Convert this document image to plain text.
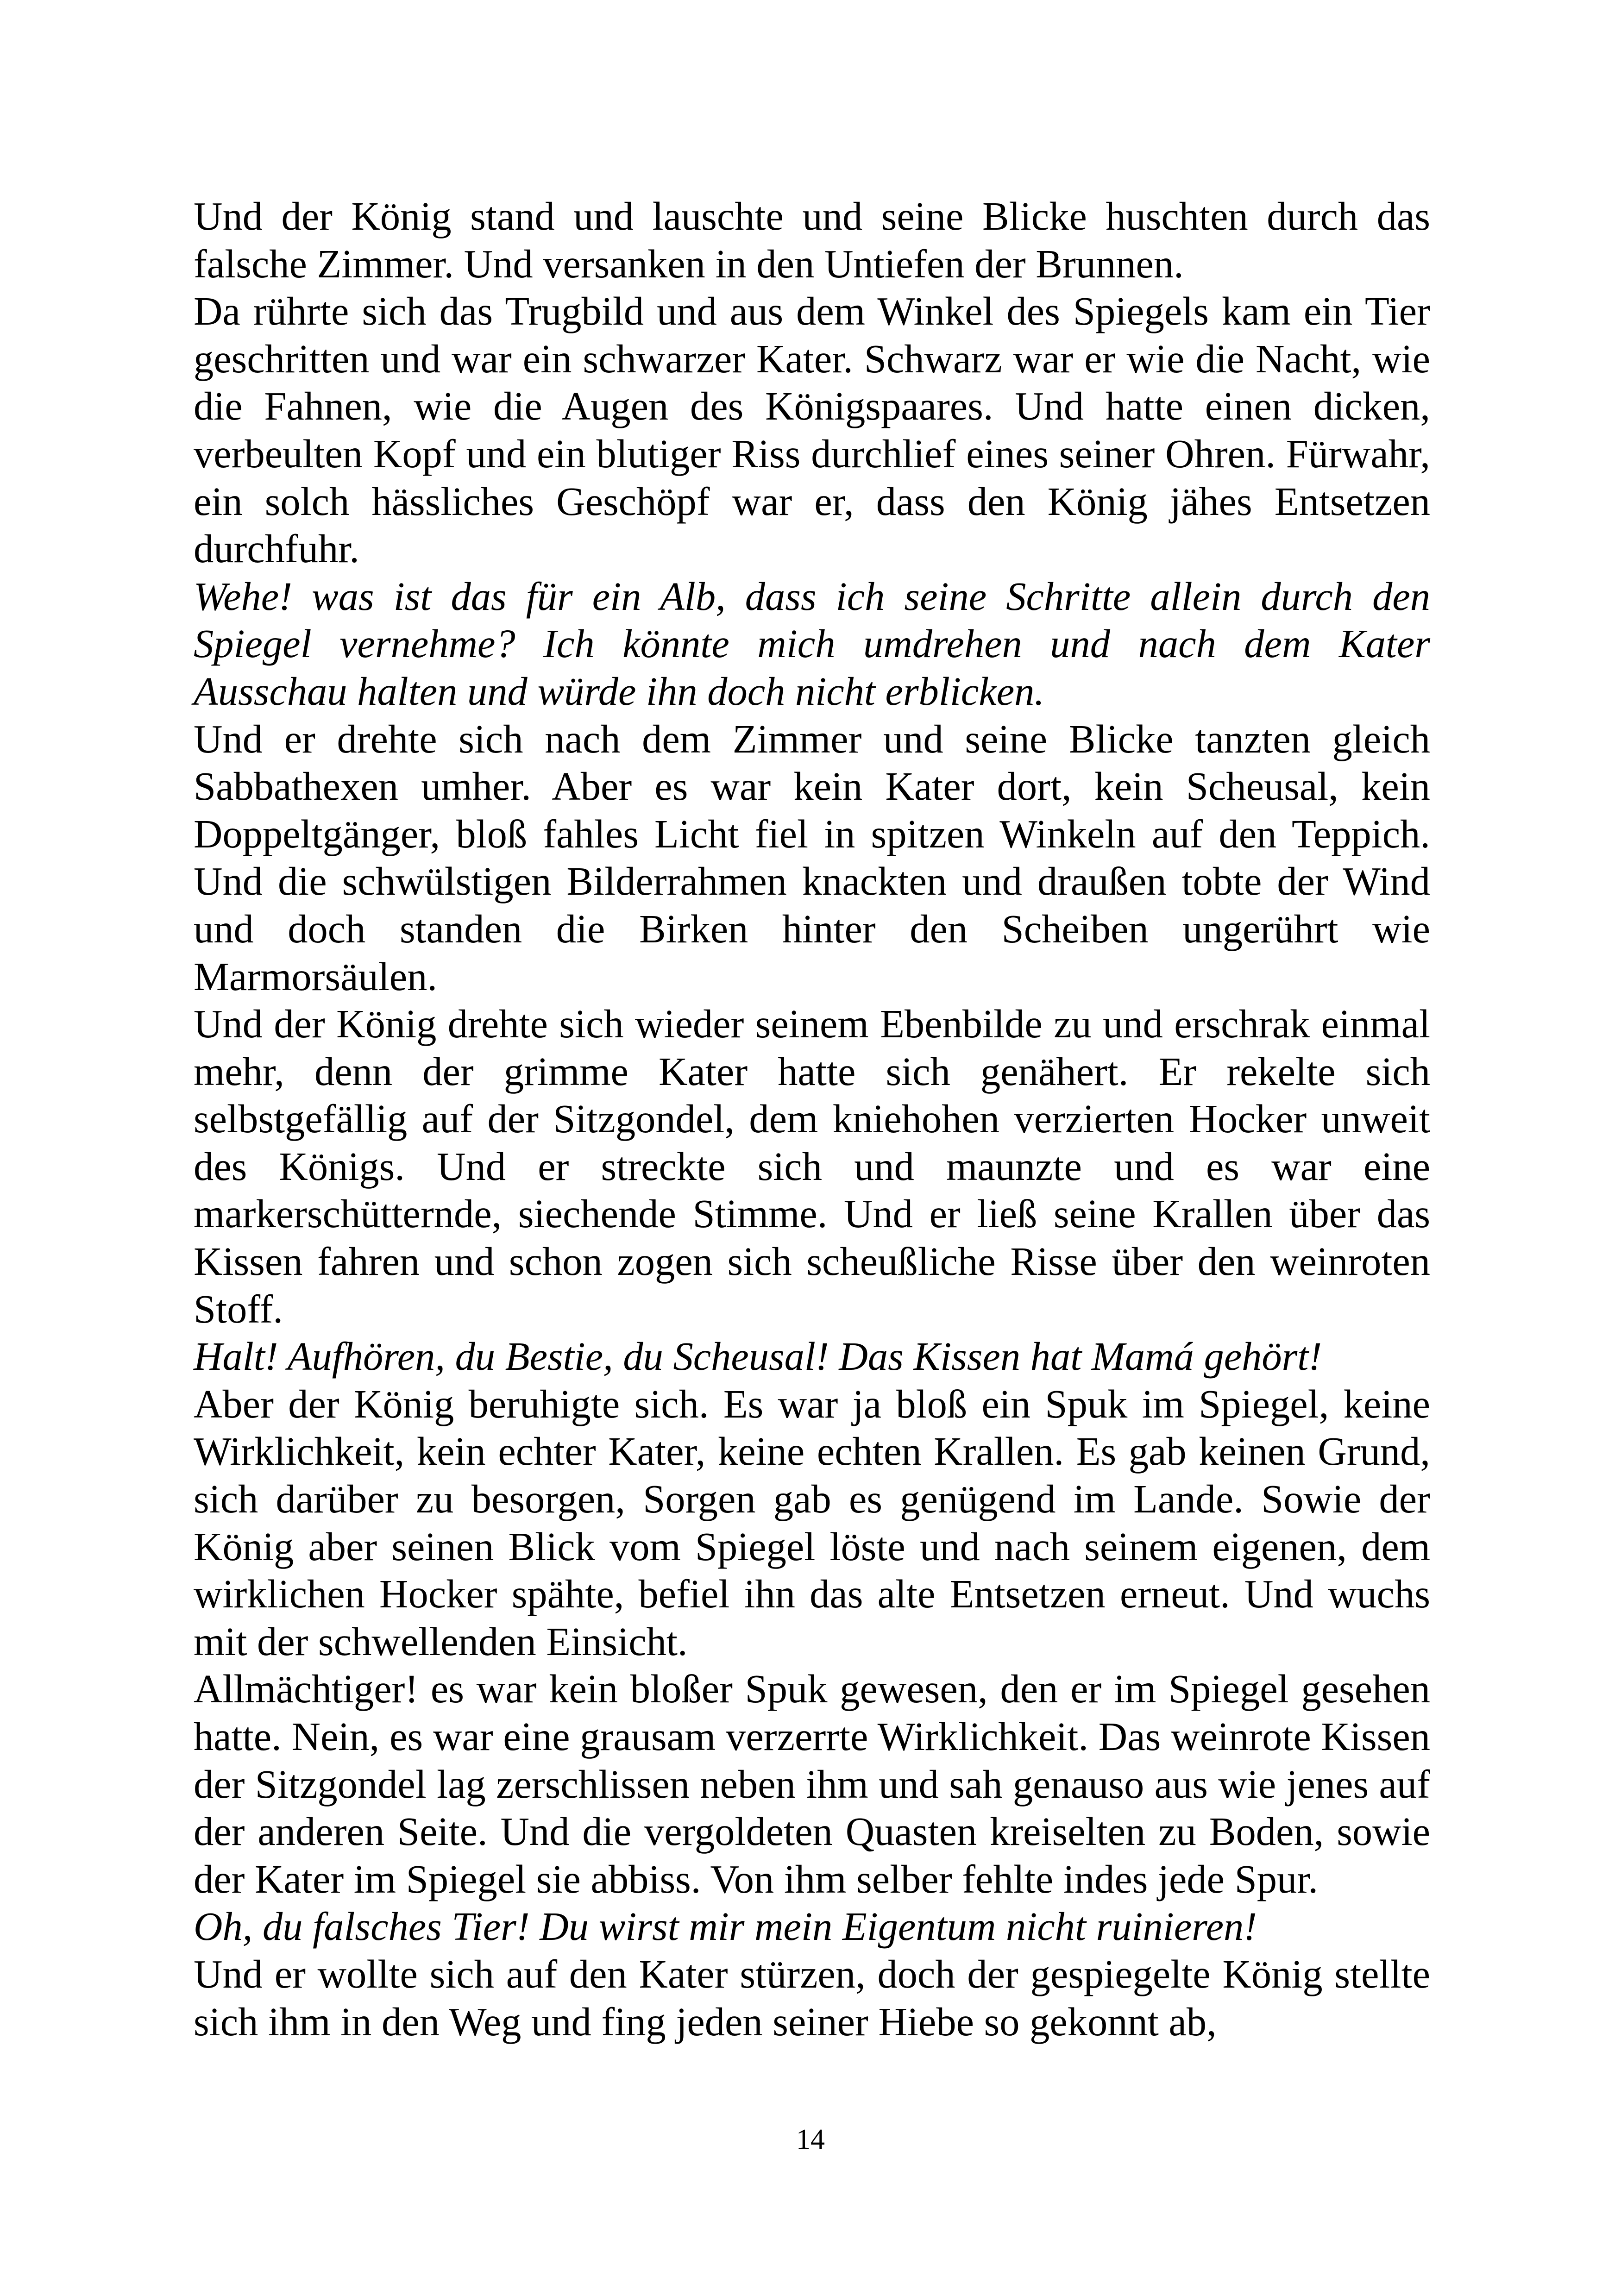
Und der König stand und lauschte und seine Blicke huschten durch das falsche Zimmer. Und versanken in den Untiefen der Brunnen.

Da rührte sich das Trugbild und aus dem Winkel des Spiegels kam ein Tier geschritten und war ein schwarzer Kater. Schwarz war er wie die Nacht, wie die Fahnen, wie die Augen des Königspaares. Und hatte einen dicken, verbeulten Kopf und ein blutiger Riss durchlief eines seiner Ohren. Fürwahr, ein solch hässliches Geschöpf war er, dass den König jähes Entsetzen durchfuhr.

Wehe! was ist das für ein Alb, dass ich seine Schritte allein durch den Spiegel vernehme? Ich könnte mich umdrehen und nach dem Kater Ausschau halten und würde ihn doch nicht erblicken.

Und er drehte sich nach dem Zimmer und seine Blicke tanzten gleich Sabbathexen umher. Aber es war kein Kater dort, kein Scheusal, kein Doppeltgänger, bloß fahles Licht fiel in spitzen Winkeln auf den Teppich. Und die schwülstigen Bilderrahmen knackten und draußen tobte der Wind und doch standen die Birken hinter den Scheiben ungerührt wie Marmorsäulen.

Und der König drehte sich wieder seinem Ebenbilde zu und erschrak einmal mehr, denn der grimme Kater hatte sich genähert. Er rekelte sich selbstgefällig auf der Sitzgondel, dem kniehohen verzierten Hocker unweit des Königs. Und er streckte sich und maunzte und es war eine markerschütternde, siechende Stimme. Und er ließ seine Krallen über das Kissen fahren und schon zogen sich scheußliche Risse über den weinroten Stoff.

Halt! Aufhören, du Bestie, du Scheusal! Das Kissen hat Mamá gehört!

Aber der König beruhigte sich. Es war ja bloß ein Spuk im Spiegel, keine Wirklichkeit, kein echter Kater, keine echten Krallen. Es gab keinen Grund, sich darüber zu besorgen, Sorgen gab es genügend im Lande. Sowie der König aber seinen Blick vom Spiegel löste und nach seinem eigenen, dem wirklichen Hocker spähte, befiel ihn das alte Entsetzen erneut. Und wuchs mit der schwellenden Einsicht.

Allmächtiger! es war kein bloßer Spuk gewesen, den er im Spiegel gesehen hatte. Nein, es war eine grausam verzerrte Wirklichkeit. Das weinrote Kissen der Sitzgondel lag zerschlissen neben ihm und sah genauso aus wie jenes auf der anderen Seite. Und die vergoldeten Quasten kreiselten zu Boden, sowie der Kater im Spiegel sie abbiss. Von ihm selber fehlte indes jede Spur.

Oh, du falsches Tier! Du wirst mir mein Eigentum nicht ruinieren!

Und er wollte sich auf den Kater stürzen, doch der gespiegelte König stellte sich ihm in den Weg und fing jeden seiner Hiebe so gekonnt ab,

14
